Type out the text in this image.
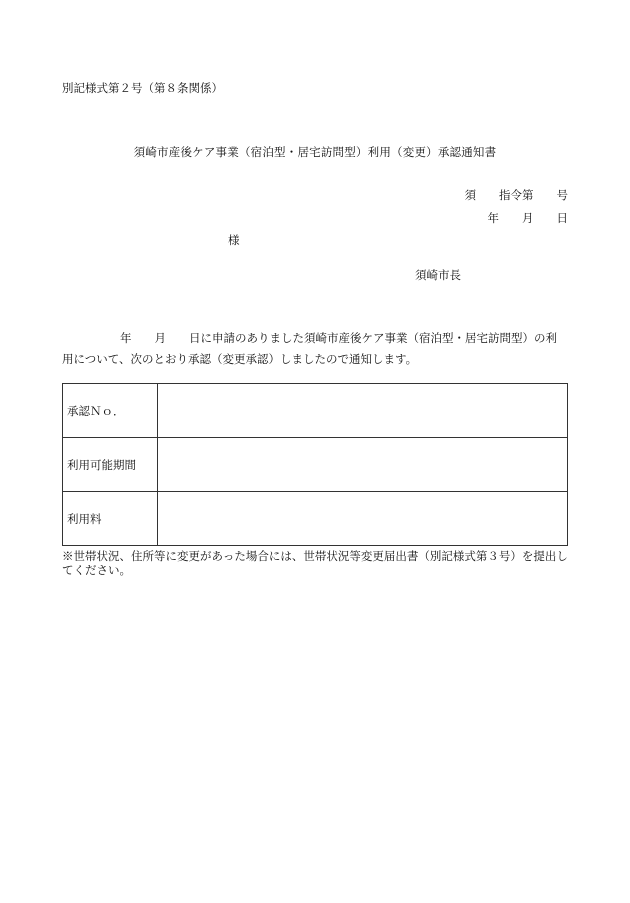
別記様式第２号（第８条関係）
須崎市産後ケア事業（宿泊型・居宅訪問型）利用（変更）承認通知書
須　　指令第　　号
年　　月　　日
様
須崎市長
年　　月　　日に申請のありました須崎市産後ケア事業（宿泊型・居宅訪問型）の利用について、次のとおり承認（変更承認）しましたので通知します。
承認Ｎｏ．	
利用可能期間	
利用料	
※世帯状況、住所等に変更があった場合には、世帯状況等変更届出書（別記様式第３号）を提出してください。
